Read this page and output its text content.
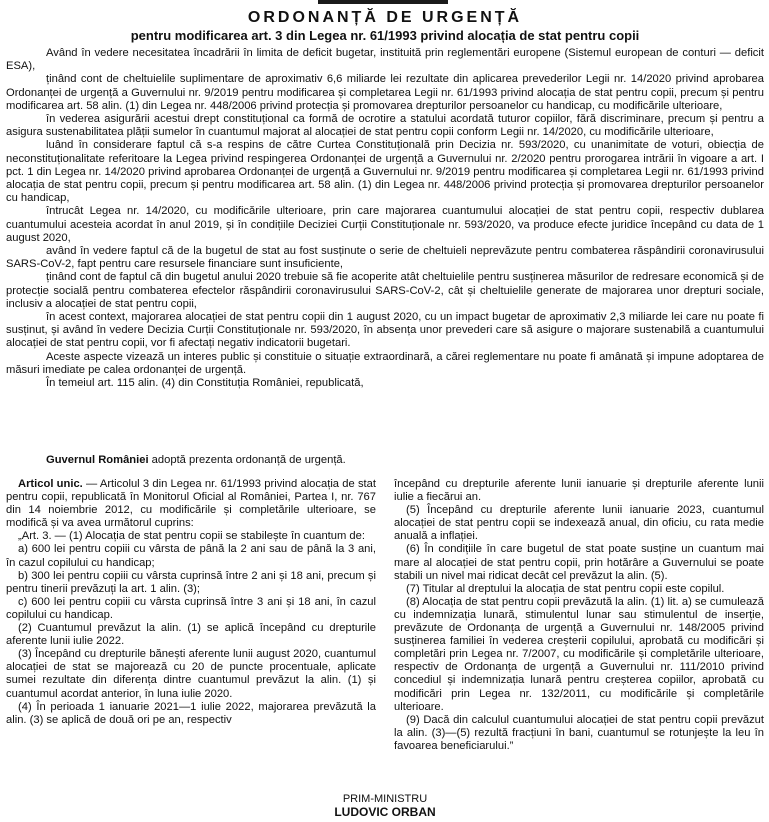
ORDONANȚĂ DE URGENȚĂ
pentru modificarea art. 3 din Legea nr. 61/1993 privind alocația de stat pentru copii

Având în vedere necesitatea încadrării în limita de deficit bugetar, instituită prin reglementări europene (Sistemul european de conturi — deficit ESA),

ținând cont de cheltuielile suplimentare de aproximativ 6,6 miliarde lei rezultate din aplicarea prevederilor Legii nr. 14/2020 privind aprobarea Ordonanței de urgență a Guvernului nr. 9/2019 pentru modificarea și completarea Legii nr. 61/1993 privind alocația de stat pentru copii, precum și pentru modificarea art. 58 alin. (1) din Legea nr. 448/2006 privind protecția și promovarea drepturilor persoanelor cu handicap, cu modificările ulterioare,

în vederea asigurării acestui drept constituțional ca formă de ocrotire a statului acordată tuturor copiilor, fără discriminare, precum și pentru a asigura sustenabilitatea plății sumelor în cuantumul majorat al alocației de stat pentru copii conform Legii nr. 14/2020, cu modificările ulterioare,

luând în considerare faptul că s-a respins de către Curtea Constituțională prin Decizia nr. 593/2020, cu unanimitate de voturi, obiecția de neconstituționalitate referitoare la Legea privind respingerea Ordonanței de urgență a Guvernului nr. 2/2020 pentru prorogarea intrării în vigoare a art. I pct. 1 din Legea nr. 14/2020 privind aprobarea Ordonanței de urgență a Guvernului nr. 9/2019 pentru modificarea și completarea Legii nr. 61/1993 privind alocația de stat pentru copii, precum și pentru modificarea art. 58 alin. (1) din Legea nr. 448/2006 privind protecția și promovarea drepturilor persoanelor cu handicap,

întrucât Legea nr. 14/2020, cu modificările ulterioare, prin care majorarea cuantumului alocației de stat pentru copii, respectiv dublarea cuantumului acesteia acordat în anul 2019, și în condițiile Deciziei Curții Constituționale nr. 593/2020, va produce efecte juridice începând cu data de 1 august 2020,

având în vedere faptul că de la bugetul de stat au fost susținute o serie de cheltuieli neprevăzute pentru combaterea răspândirii coronavirusului SARS-CoV-2, fapt pentru care resursele financiare sunt insuficiente,

ținând cont de faptul că din bugetul anului 2020 trebuie să fie acoperite atât cheltuielile pentru susținerea măsurilor de redresare economică și de protecție socială pentru combaterea efectelor răspândirii coronavirusului SARS-CoV-2, cât și cheltuielile generate de majorarea unor drepturi sociale, inclusiv a alocației de stat pentru copii,

în acest context, majorarea alocației de stat pentru copii din 1 august 2020, cu un impact bugetar de aproximativ 2,3 miliarde lei care nu poate fi susținut, și având în vedere Decizia Curții Constituționale nr. 593/2020, în absența unor prevederi care să asigure o majorare sustenabilă a cuantumului alocației de stat pentru copii, vor fi afectați negativ indicatorii bugetari.

Aceste aspecte vizează un interes public și constituie o situație extraordinară, a cărei reglementare nu poate fi amânată și impune adoptarea de măsuri imediate pe calea ordonanței de urgență.

În temeiul art. 115 alin. (4) din Constituția României, republicată,

Guvernul României adoptă prezenta ordonanță de urgență.

Articol unic. — Articolul 3 din Legea nr. 61/1993 privind alocația de stat pentru copii, republicată în Monitorul Oficial al României, Partea I, nr. 767 din 14 noiembrie 2012, cu modificările și completările ulterioare, se modifică și va avea următorul cuprins:

„Art. 3. — (1) Alocația de stat pentru copii se stabilește în cuantum de:

a) 600 lei pentru copiii cu vârsta de până la 2 ani sau de până la 3 ani, în cazul copilului cu handicap;

b) 300 lei pentru copiii cu vârsta cuprinsă între 2 ani și 18 ani, precum și pentru tinerii prevăzuți la art. 1 alin. (3);

c) 600 lei pentru copiii cu vârsta cuprinsă între 3 ani și 18 ani, în cazul copilului cu handicap.

(2) Cuantumul prevăzut la alin. (1) se aplică începând cu drepturile aferente lunii iulie 2022.

(3) Începând cu drepturile bănești aferente lunii august 2020, cuantumul alocației de stat se majorează cu 20 de puncte procentuale, aplicate sumei rezultate din diferența dintre cuantumul prevăzut la alin. (1) și cuantumul acordat anterior, în luna iulie 2020.

(4) În perioada 1 ianuarie 2021—1 iulie 2022, majorarea prevăzută la alin. (3) se aplică de două ori pe an, respectiv

începând cu drepturile aferente lunii ianuarie și drepturile aferente lunii iulie a fiecărui an.

(5) Începând cu drepturile aferente lunii ianuarie 2023, cuantumul alocației de stat pentru copii se indexează anual, din oficiu, cu rata medie anuală a inflației.

(6) În condițiile în care bugetul de stat poate susține un cuantum mai mare al alocației de stat pentru copii, prin hotărâre a Guvernului se poate stabili un nivel mai ridicat decât cel prevăzut la alin. (5).

(7) Titular al dreptului la alocația de stat pentru copii este copilul.

(8) Alocația de stat pentru copii prevăzută la alin. (1) lit. a) se cumulează cu indemnizația lunară, stimulentul lunar sau stimulentul de inserție, prevăzute de Ordonanța de urgență a Guvernului nr. 148/2005 privind susținerea familiei în vederea creșterii copilului, aprobată cu modificări și completări prin Legea nr. 7/2007, cu modificările și completările ulterioare, respectiv de Ordonanța de urgență a Guvernului nr. 111/2010 privind concediul și indemnizația lunară pentru creșterea copiilor, aprobată cu modificări prin Legea nr. 132/2011, cu modificările și completările ulterioare.

(9) Dacă din calculul cuantumului alocației de stat pentru copii prevăzut la alin. (3)—(5) rezultă fracțiuni în bani, cuantumul se rotunjește la leu în favoarea beneficiarului.”

PRIM-MINISTRU
LUDOVIC ORBAN
